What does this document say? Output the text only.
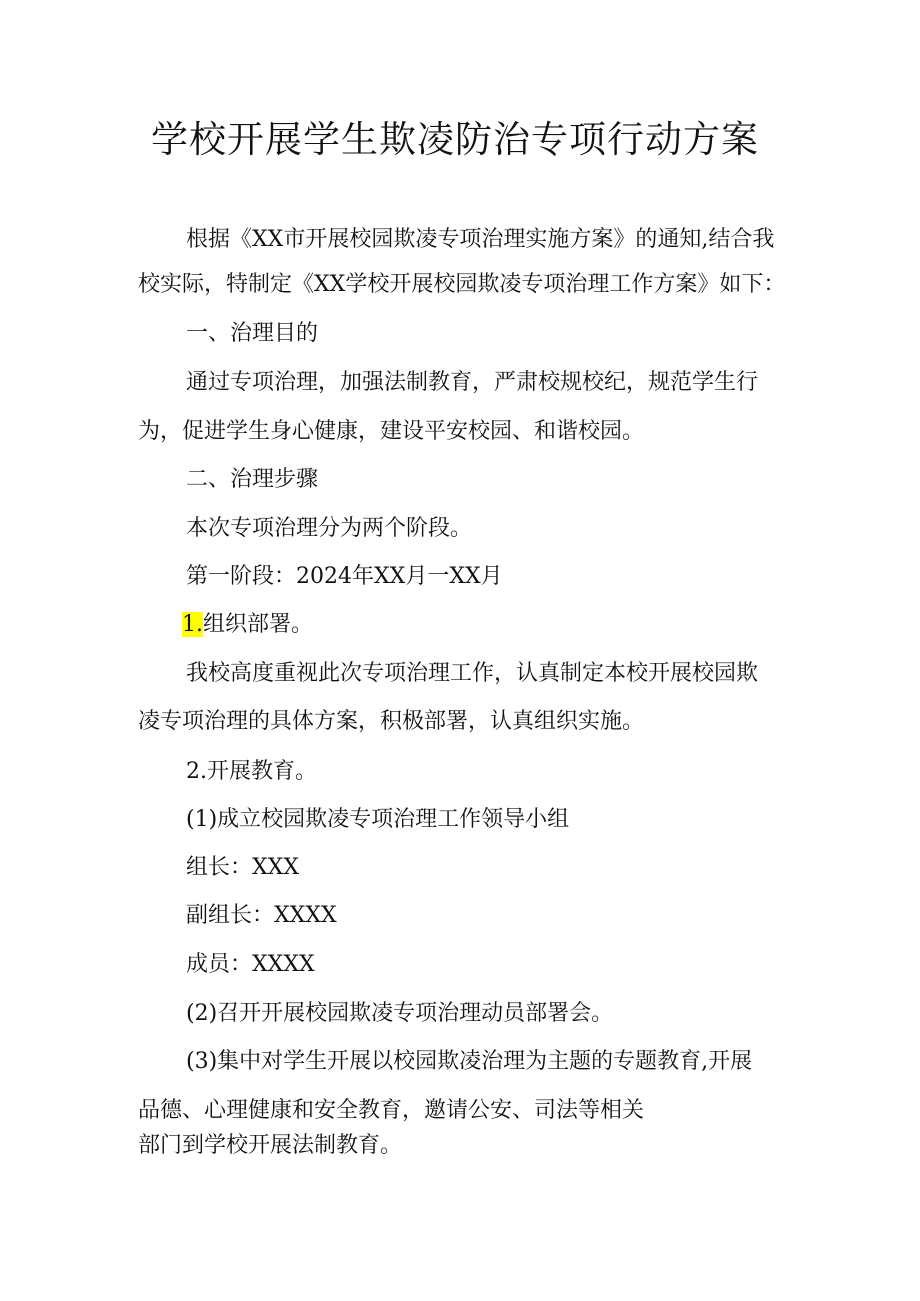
学校开展学生欺凌防治专项行动方案
根据《XX市开展校园欺凌专项治理实施方案》的通知,结合我
校实际，特制定《XX学校开展校园欺凌专项治理工作方案》如下：
一、治理目的
通过专项治理，加强法制教育，严肃校规校纪，规范学生行
为，促进学生身心健康，建设平安校园、和谐校园。
二、治理步骤
本次专项治理分为两个阶段。
第一阶段：2024年XX月一XX月
1.组织部署。
我校高度重视此次专项治理工作，认真制定本校开展校园欺
凌专项治理的具体方案，积极部署，认真组织实施。
2.开展教育。
(1)成立校园欺凌专项治理工作领导小组
组长：XXX
副组长：XXXX
成员：XXXX
(2)召开开展校园欺凌专项治理动员部署会。
(3)集中对学生开展以校园欺凌治理为主题的专题教育,开展
品德、心理健康和安全教育，邀请公安、司法等相关
部门到学校开展法制教育。
